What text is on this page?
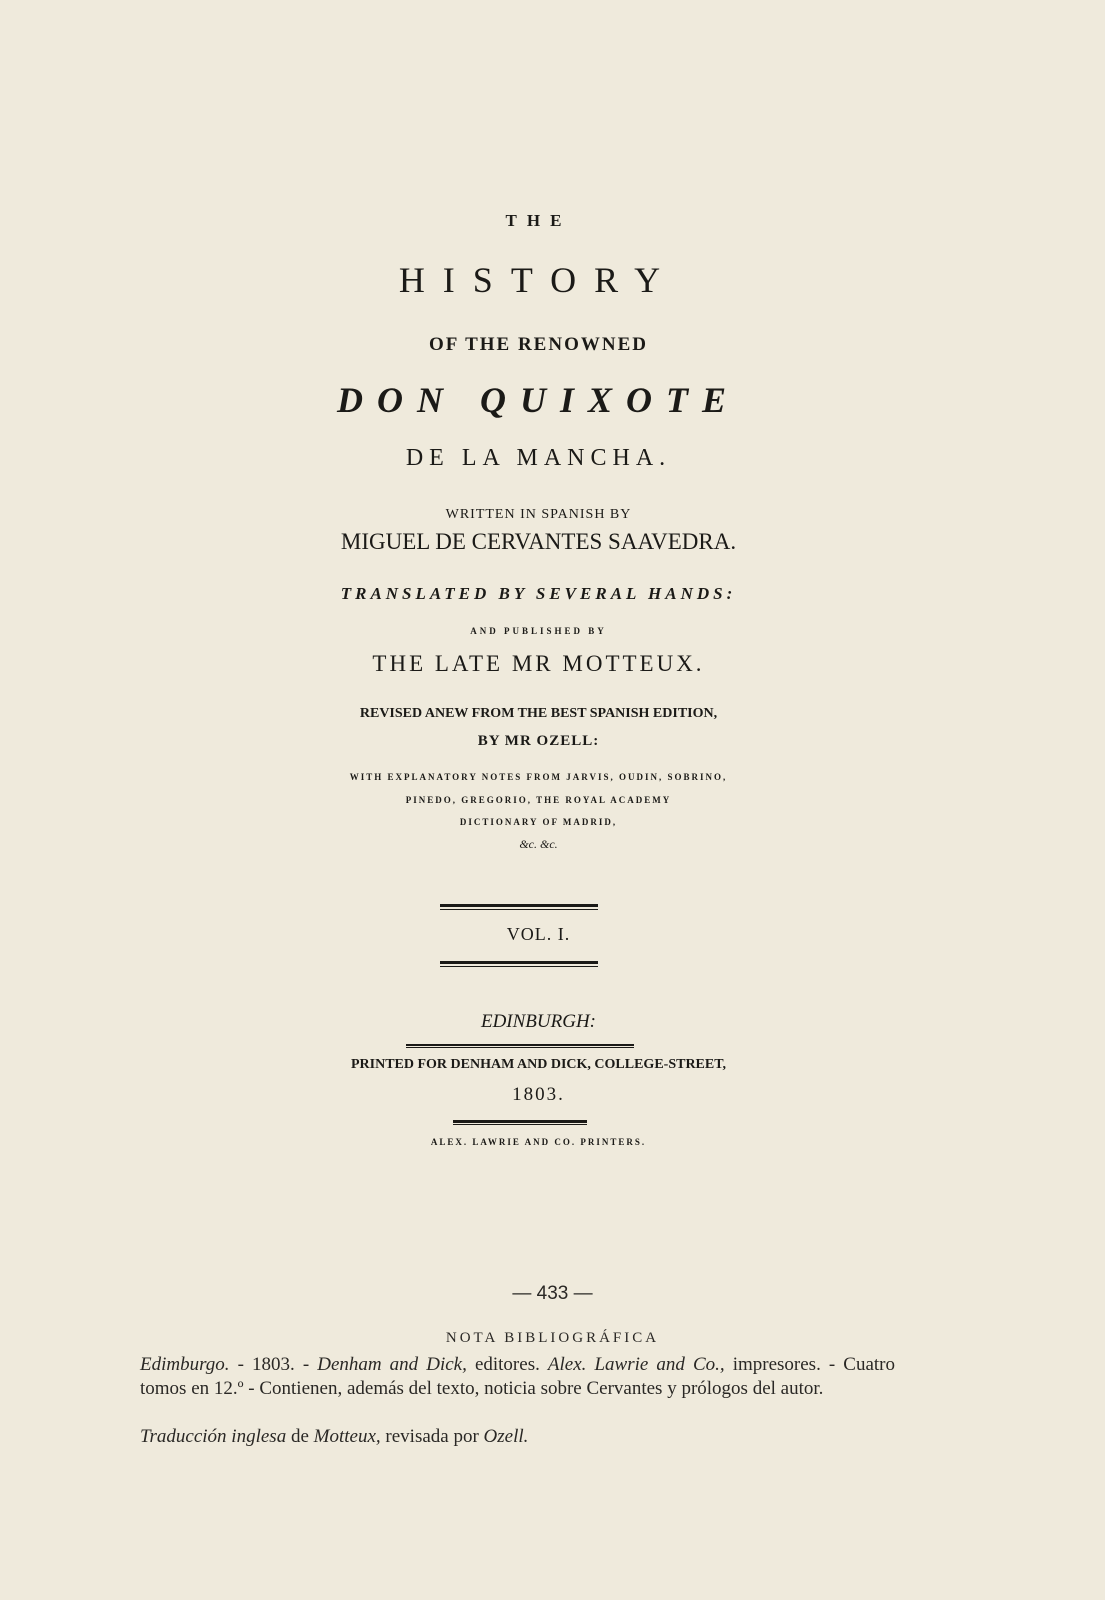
THE
HISTORY
OF THE RENOWNED
DON QUIXOTE
DE LA MANCHA.
WRITTEN IN SPANISH BY
MIGUEL DE CERVANTES SAAVEDRA.
TRANSLATED BY SEVERAL HANDS:
AND PUBLISHED BY
THE LATE MR MOTTEUX.
REVISED ANEW FROM THE BEST SPANISH EDITION,
BY MR OZELL:
WITH EXPLANATORY NOTES FROM JARVIS, OUDIN, SOBRINO,
PINEDO, GREGORIO, THE ROYAL ACADEMY
DICTIONARY OF MADRID,
&c. &c.
VOL. I.
EDINBURGH:
PRINTED FOR DENHAM AND DICK, COLLEGE-STREET,
1803.
ALEX. LAWRIE AND CO. PRINTERS.
— 433 —
NOTA BIBLIOGRÁFICA
Edimburgo. - 1803. - Denham and Dick, editores. Alex. Lawrie and Co., impresores. - Cuatro tomos en 12.º - Contienen, además del texto, noticia sobre Cervantes y prólogos del autor.
Traducción inglesa de Motteux, revisada por Ozell.
